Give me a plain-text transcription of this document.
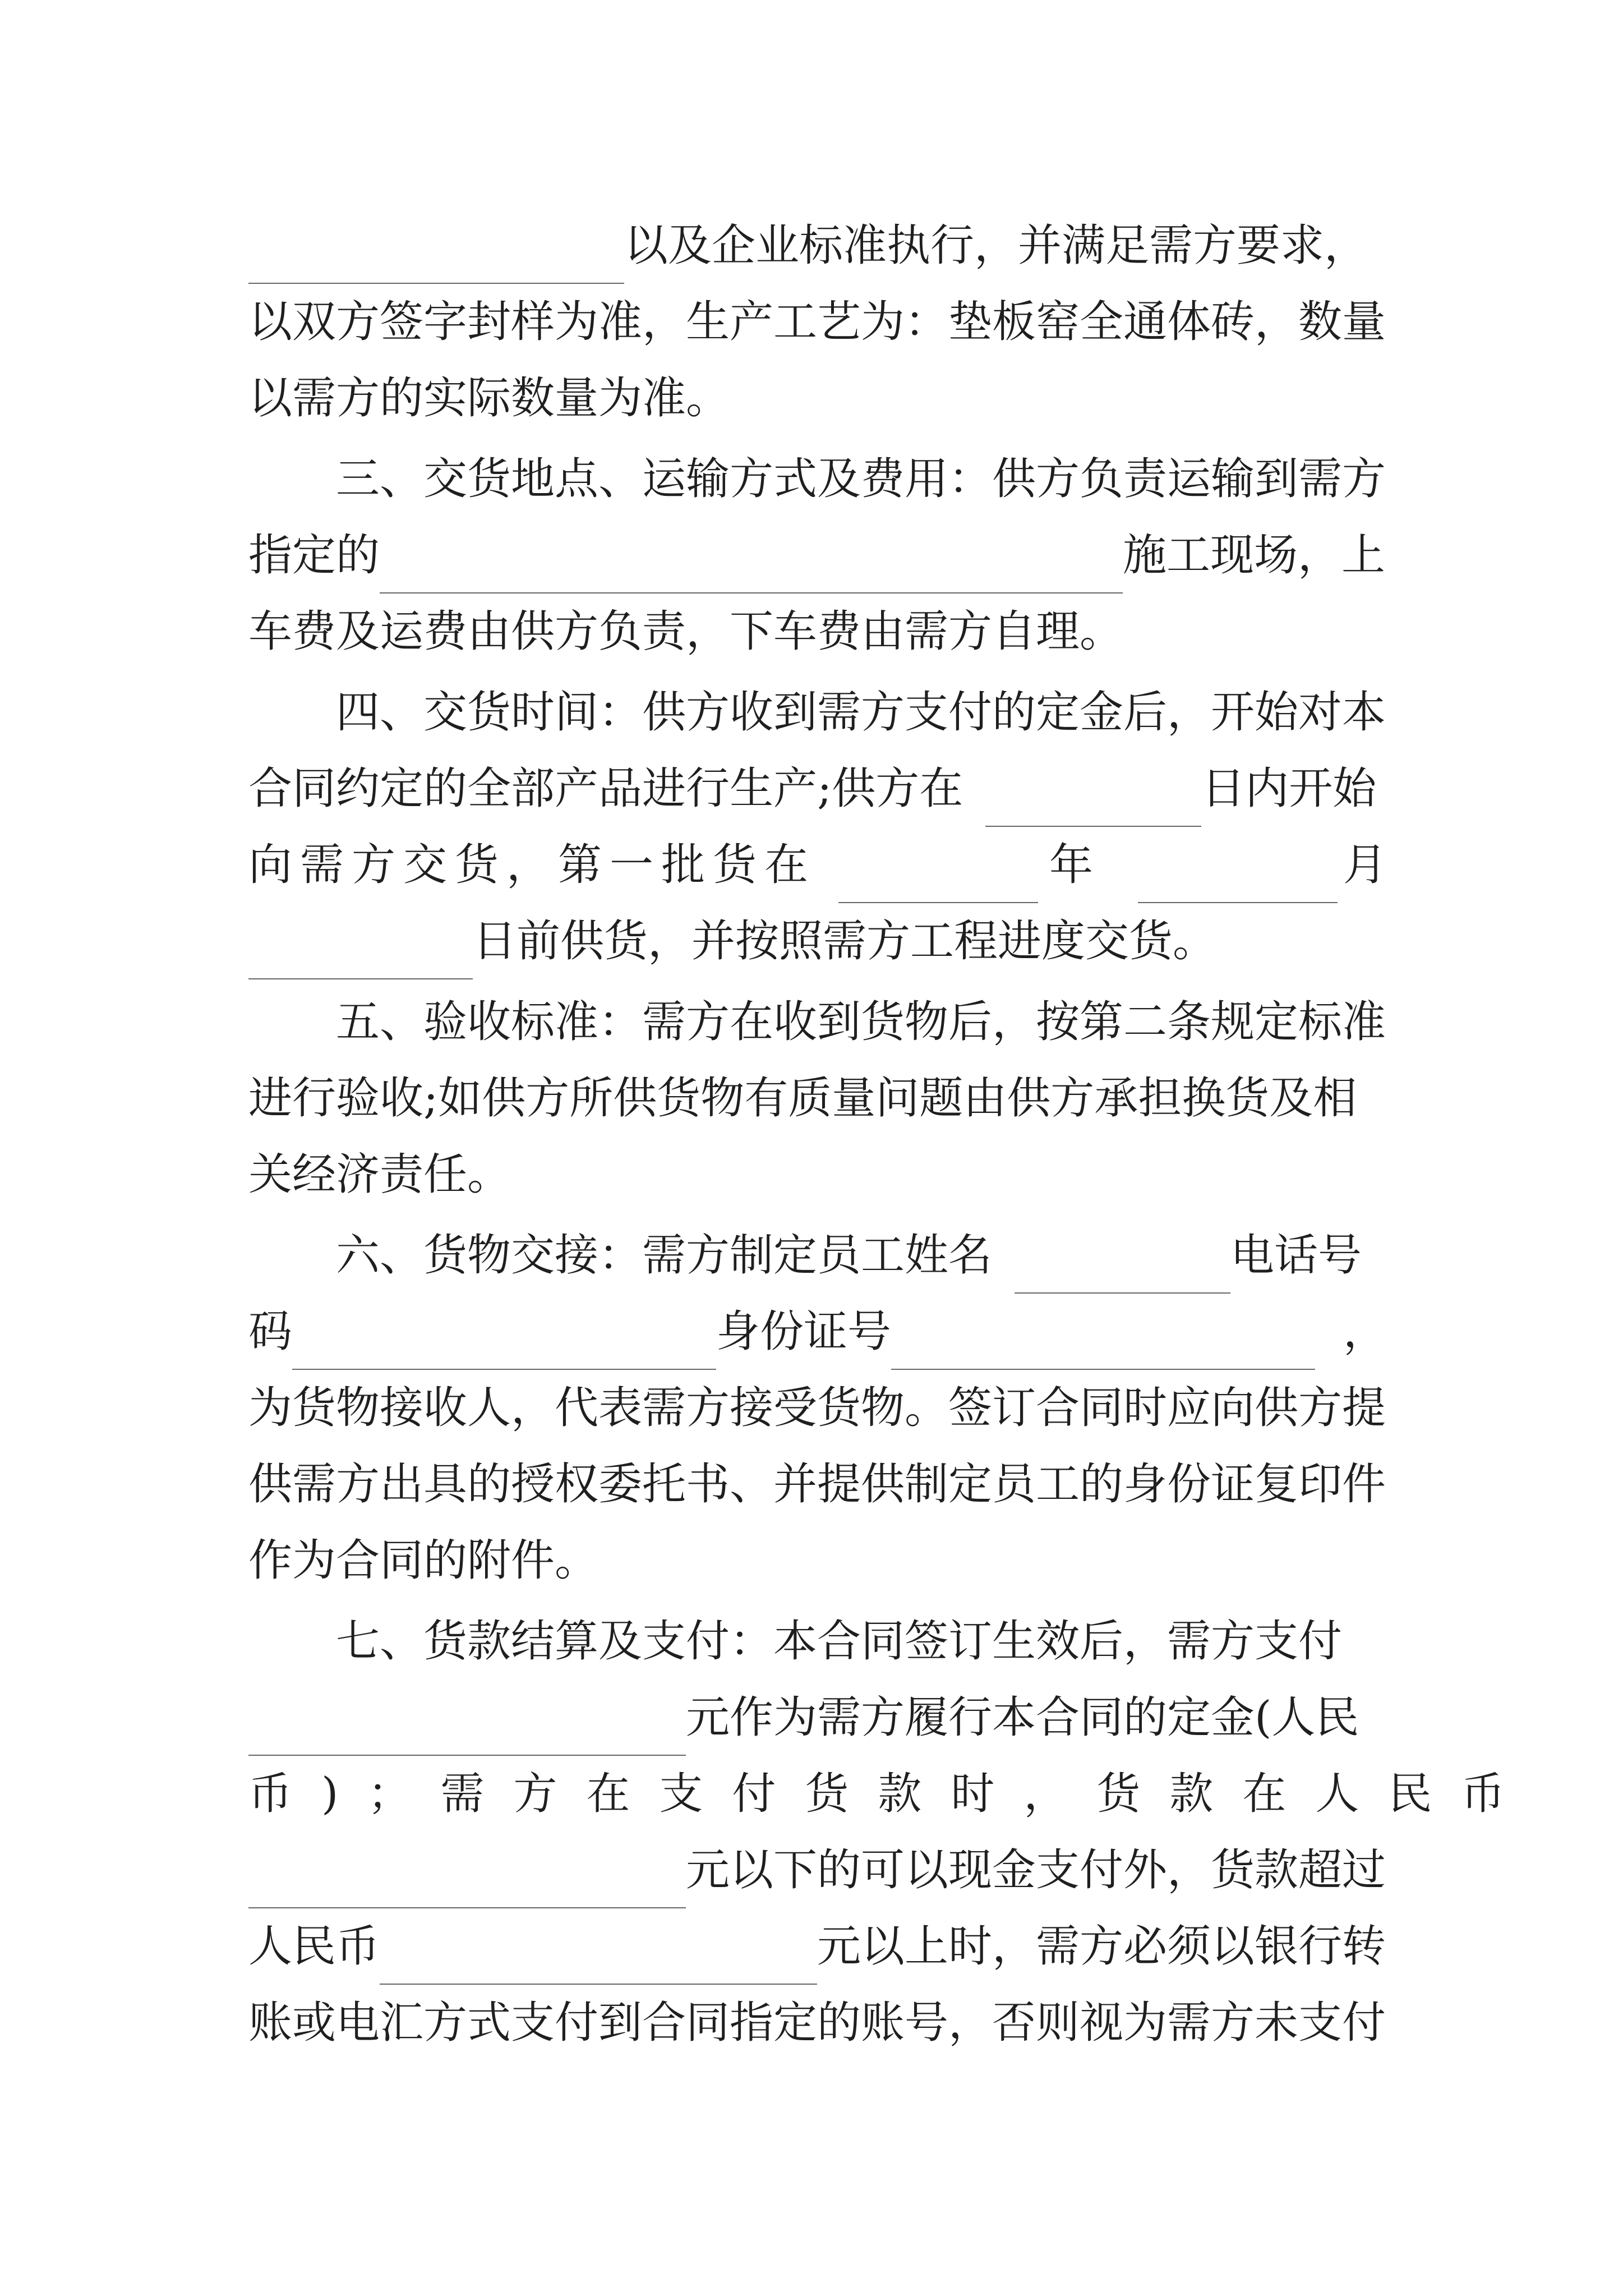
以及企业标准执行，并满足需方要求，
以双方签字封样为准，生产工艺为：垫板窑全通体砖，数量
以需方的实际数量为准。
三、交货地点、运输方式及费用：供方负责运输到需方
指定的	施工现场，上
车费及运费由供方负责，下车费由需方自理。
四、交货时间：供方收到需方支付的定金后，开始对本
合同约定的全部产品进行生产;供方在	日内开始
向需方交货，第一批货在	年	月
日前供货，并按照需方工程进度交货。
五、验收标准：需方在收到货物后，按第二条规定标准
进行验收;如供方所供货物有质量问题由供方承担换货及相
关经济责任。
六、货物交接：需方制定员工姓名	电话号
码	身份证号	，
为货物接收人，代表需方接受货物。签订合同时应向供方提
供需方出具的授权委托书、并提供制定员工的身份证复印件
作为合同的附件。
七、货款结算及支付：本合同签订生效后，需方支付
元作为需方履行本合同的定金(人民
币)；需方在支付货款时，货款在人民币
元以下的可以现金支付外，货款超过
人民币	元以上时，需方必须以银行转
账或电汇方式支付到合同指定的账号，否则视为需方未支付
